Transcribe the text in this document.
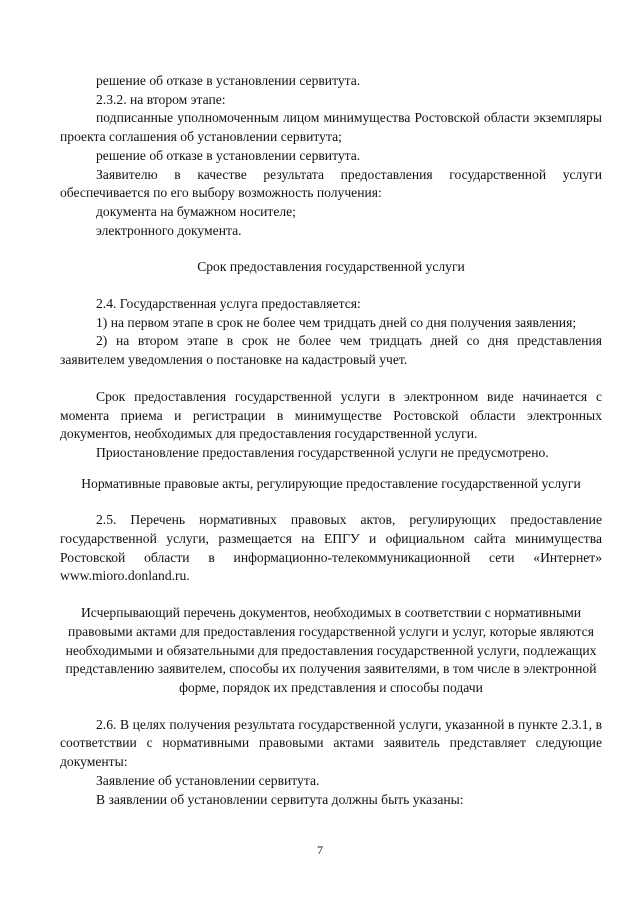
решение об отказе в установлении сервитута.

2.3.2. на втором этапе:

подписанные уполномоченным лицом минимущества Ростовской области экземпляры проекта соглашения об установлении сервитута;

решение об отказе в установлении сервитута.

Заявителю в качестве результата предоставления государственной услуги обеспечивается по его выбору возможность получения:

документа на бумажном носителе;

электронного документа.

Срок предоставления государственной услуги

2.4. Государственная услуга предоставляется:

1) на первом этапе в срок не более чем тридцать дней со дня получения заявления;

2) на втором этапе в срок не более чем тридцать дней со дня представления заявителем уведомления о постановке на кадастровый учет.

Срок предоставления государственной услуги в электронном виде начинается с момента приема и регистрации в минимуществе Ростовской области электронных документов, необходимых для предоставления государственной услуги.

Приостановление предоставления государственной услуги не предусмотрено.

Нормативные правовые акты, регулирующие предоставление государственной услуги

2.5. Перечень нормативных правовых актов, регулирующих предоставление государственной услуги, размещается на ЕПГУ и официальном сайта минимущества Ростовской области в информационно-телекоммуникационной сети «Интернет» www.mioro.donland.ru.

Исчерпывающий перечень документов, необходимых в соответствии с нормативными правовыми актами для предоставления государственной услуги и услуг, которые являются необходимыми и обязательными для предоставления государственной услуги, подлежащих представлению заявителем, способы их получения заявителями, в том числе в электронной форме, порядок их представления и способы подачи

2.6. В целях получения результата государственной услуги, указанной в пункте 2.3.1, в соответствии с нормативными правовыми актами заявитель представляет следующие документы:

Заявление об установлении сервитута.

В заявлении об установлении сервитута должны быть указаны:

7
